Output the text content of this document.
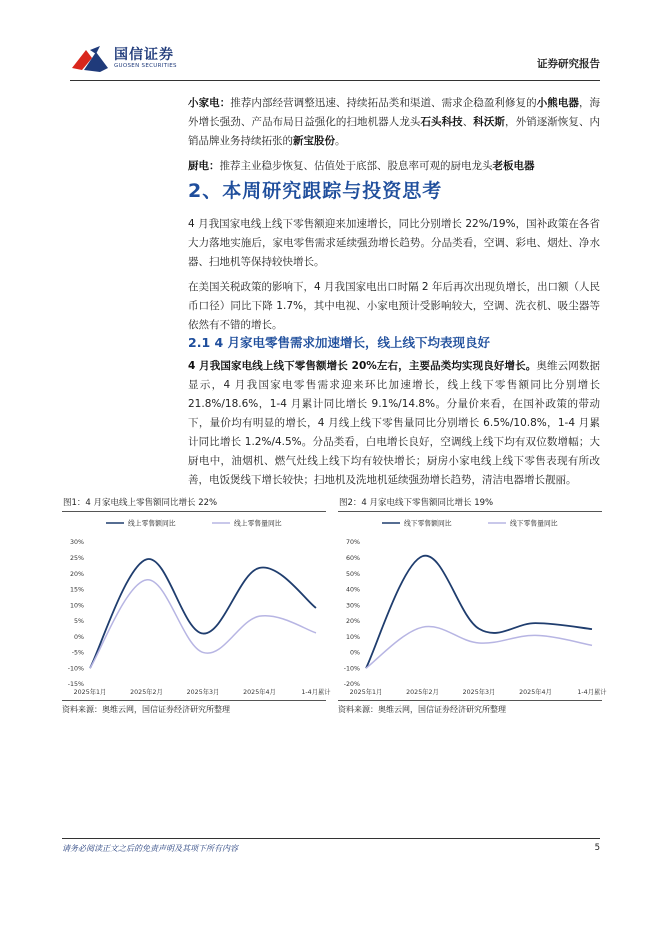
国信证券
GUOSEN SECURITIES	证券研究报告

小家电：推荐内部经营调整迅速、持续拓品类和渠道、需求企稳盈利修复的小熊电器，海外增长强劲、产品布局日益强化的扫地机器人龙头石头科技、科沃斯，外销逐渐恢复、内销品牌业务持续拓张的新宝股份。

厨电：推荐主业稳步恢复、估值处于底部、股息率可观的厨电龙头老板电器

2、本周研究跟踪与投资思考

4 月我国家电线上线下零售额迎来加速增长，同比分别增长 22%/19%，国补政策在各省大力落地实施后，家电零售需求延续强劲增长趋势。分品类看，空调、彩电、烟灶、净水器、扫地机等保持较快增长。

在美国关税政策的影响下，4 月我国家电出口时隔 2 年后再次出现负增长，出口额（人民币口径）同比下降 1.7%，其中电视、小家电预计受影响较大，空调、洗衣机、吸尘器等依然有不错的增长。

2.1 4 月家电零售需求加速增长，线上线下均表现良好

4 月我国家电线上线下零售额增长 20%左右，主要品类均实现良好增长。奥维云网数据显示，4 月我国家电零售需求迎来环比加速增长，线上线下零售额同比分别增长 21.8%/18.6%，1-4 月累计同比增长 9.1%/14.8%。分量价来看，在国补政策的带动下，量价均有明显的增长，4 月线上线下零售量同比分别增长 6.5%/10.8%，1-4 月累计同比增长 1.2%/4.5%。分品类看，白电增长良好，空调线上线下均有双位数增幅；大厨电中，油烟机、燃气灶线上线下均有较快增长；厨房小家电线上线下零售表现有所改善，电饭煲线下增长较快；扫地机及洗地机延续强劲增长趋势，清洁电器增长靓丽。

图1：4 月家电线上零售额同比增长 22%
线上零售额同比	线上零售量同比
30%
25%
20%
15%
10%
5%
0%
-5%
-10%
-15%
2025年1月	2025年2月	2025年3月	2025年4月	1-4月累计
资料来源：奥维云网，国信证券经济研究所整理
图2：4 月家电线下零售额同比增长 19%
线下零售额同比	线下零售量同比
70%
60%
50%
40%
30%
20%
10%
0%
-10%
-20%
2025年1月	2025年2月	2025年3月	2025年4月	1-4月累计
资料来源：奥维云网，国信证券经济研究所整理
请务必阅读正文之后的免责声明及其项下所有内容	5
